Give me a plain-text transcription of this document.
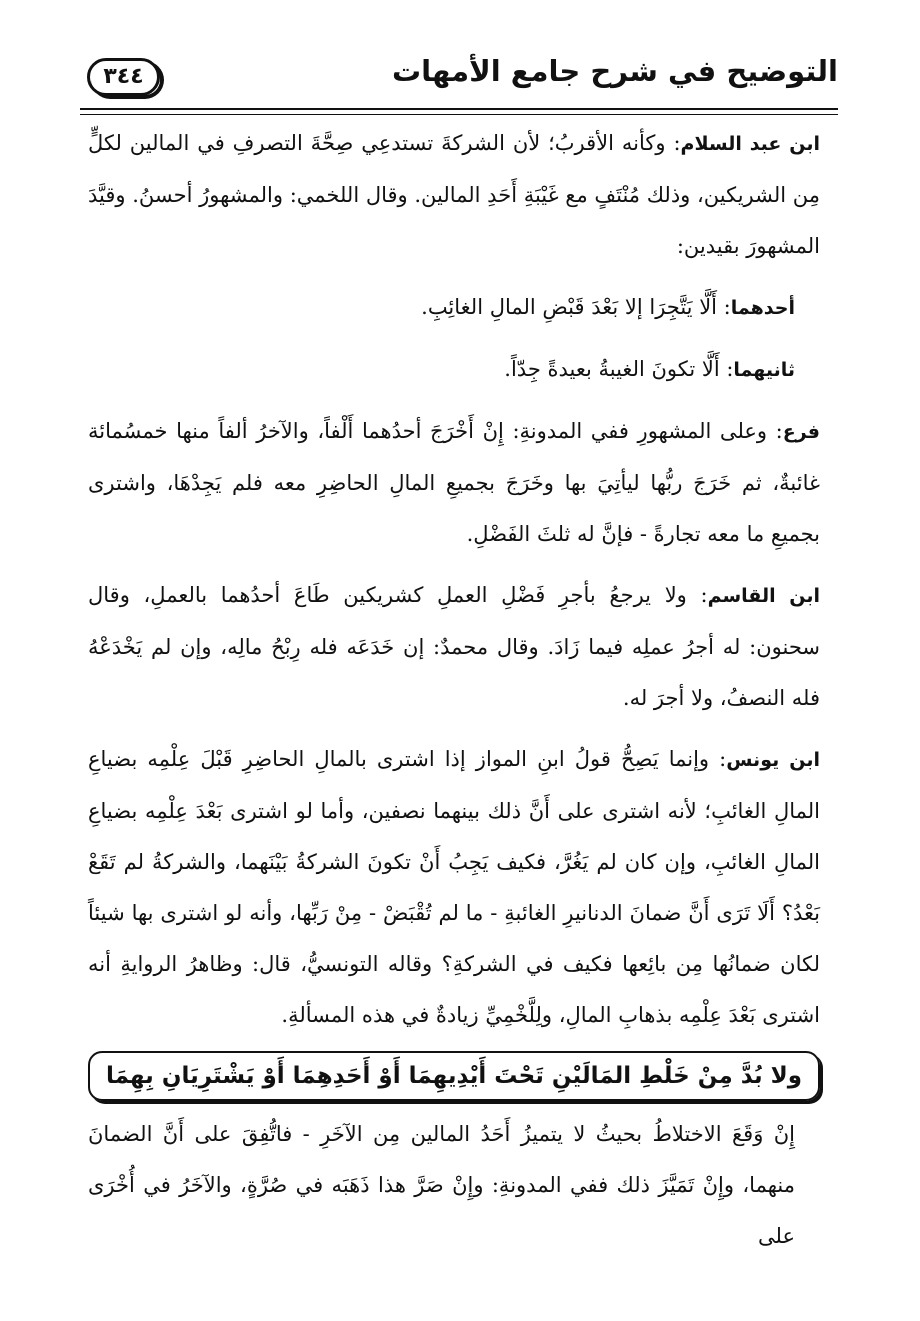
التوضيح في شرح جامع الأمهات
٣٤٤

ابن عبد السلام: وكأنه الأقربُ؛ لأن الشركةَ تستدعِي صِحَّةَ التصرفِ في المالين لكلٍّ مِن الشريكين، وذلك مُنْتَفٍ مع غَيْبَةِ أَحَدِ المالين. وقال اللخمي: والمشهورُ أحسنُ. وقيَّدَ المشهورَ بقيدين:

أحدهما: أَلَّا يَتَّجِرَا إلا بَعْدَ قَبْضِ المالِ الغائِبِ.

ثانيهما: أَلَّا تكونَ الغيبةُ بعيدةً جِدّاً.

فرع: وعلى المشهورِ ففي المدونةِ: إِنْ أَخْرَجَ أحدُهما أَلْفاً، والآخرُ ألفاً منها خمسُمائة غائبةٌ، ثم خَرَجَ ربُّها ليأتِيَ بها وخَرَجَ بجميعِ المالِ الحاضِرِ معه فلم يَجِدْهَا، واشترى بجميعِ ما معه تجارةً - فإنَّ له ثلثَ الفَضْلِ.

ابن القاسم: ولا يرجعُ بأجرِ فَضْلِ العملِ كشريكين طَاعَ أحدُهما بالعملِ، وقال سحنون: له أجرُ عملِه فيما زَادَ. وقال محمدٌ: إن خَدَعَه فله رِبْحُ مالِه، وإن لم يَخْدَعْهُ فله النصفُ، ولا أجرَ له.

ابن يونس: وإنما يَصِحُّ قولُ ابنِ المواز إذا اشترى بالمالِ الحاضِرِ قَبْلَ عِلْمِه بضياعِ المالِ الغائبِ؛ لأنه اشترى على أَنَّ ذلك بينهما نصفين، وأما لو اشترى بَعْدَ عِلْمِه بضياعِ المالِ الغائبِ، وإن كان لم يَغُرَّ، فكيف يَجِبُ أَنْ تكونَ الشركةُ بَيْنَهما، والشركةُ لم تَقَعْ بَعْدُ؟ أَلَا تَرَى أَنَّ ضمانَ الدنانيرِ الغائبةِ - ما لم تُقْبَضْ - مِنْ رَبِّها، وأنه لو اشترى بها شيئاً لكان ضمانُها مِن بائِعها فكيف في الشركةِ؟ وقاله التونسيُّ، قال: وظاهرُ الروايةِ أنه اشترى بَعْدَ عِلْمِه بذهابِ المالِ، ولِلَّخْمِيِّ زيادةٌ في هذه المسألةِ.

ولا بُدَّ مِنْ خَلْطِ المَالَيْنِ تَحْتَ أَيْدِيهِمَا أَوْ أَحَدِهِمَا أَوْ يَشْتَرِيَانِ بِهِمَا

إِنْ وَقَعَ الاختلاطُ بحيثُ لا يتميزُ أَحَدُ المالين مِن الآخَرِ - فاتُّفِقَ على أَنَّ الضمانَ منهما، وإِنْ تَمَيَّزَ ذلك ففي المدونةِ: وإِنْ صَرَّ هذا ذَهَبَه في صُرَّةٍ، والآخَرُ في أُخْرَى على
